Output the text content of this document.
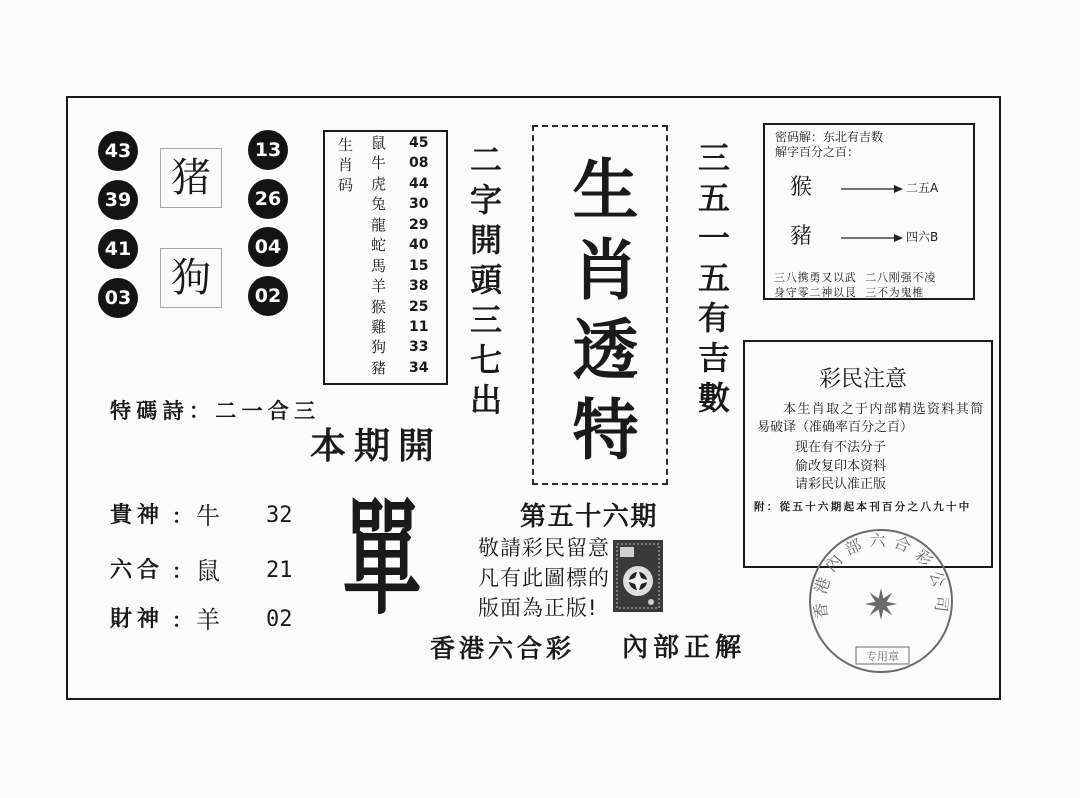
43
39
41
03
13
26
04
02
猪
狗
生肖码 鼠	45
牛	08
虎	44
兔	30
龍	29
蛇	40
馬	15
羊	38
猴	25
雞	11
狗	33
豬	34 二字開頭三七出 生肖透特 三五一五有吉數
密码解：东北有吉数
解字百分之百：
猴	二五A
豬	四六B
三八携勇又以武  二八刚强不凌
身守零二神以艮  三不为鬼椎
彩民注意
本生肖取之于内部精选资料其简
易破译（准确率百分之百）
现在有不法分子
偷改复印本资料
请彩民认准正版
附：從五十六期起本刊百分之八九十中
特碼詩：二一合三
本期開
單
貴神 ： 牛 32
六合 ： 鼠 21
財神 ： 羊 02
第五十六期
敬請彩民留意
凡有此圖標的
版面為正版!
香港六合彩 內部正解
香港內部六合彩公司
专用章
